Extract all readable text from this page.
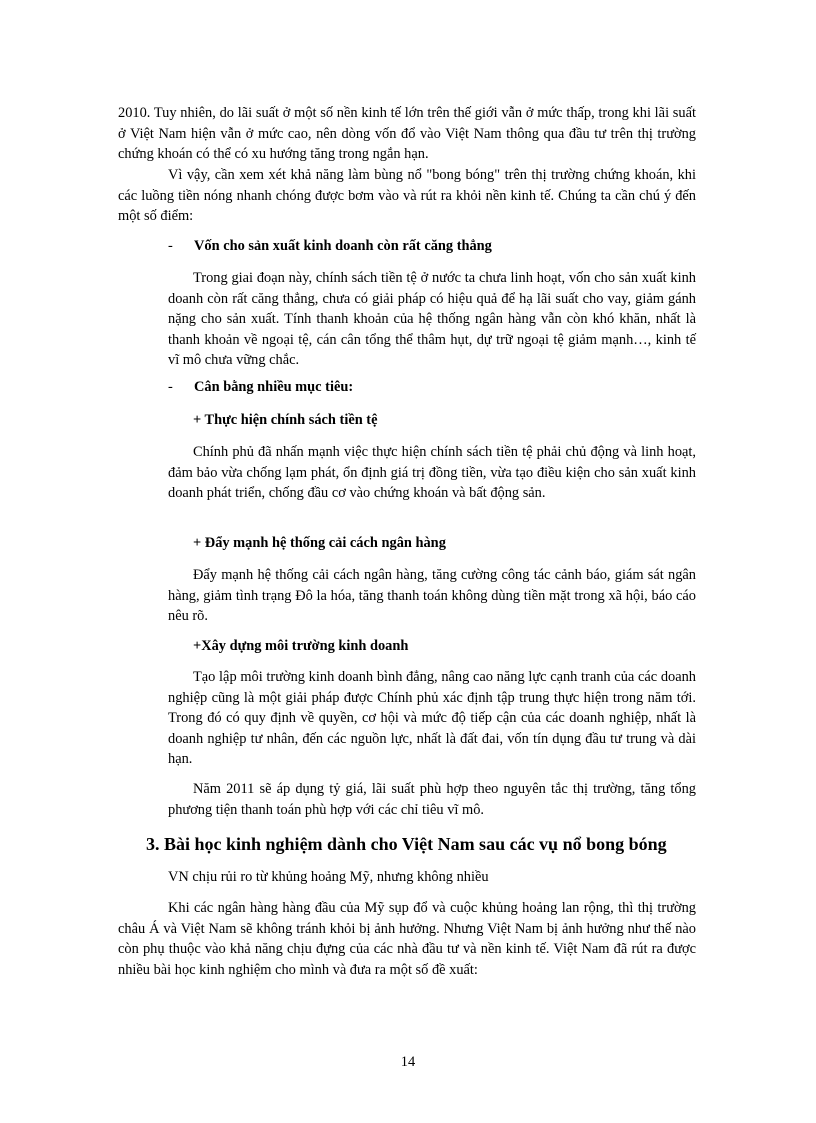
2010. Tuy nhiên, do lãi suất ở một số nền kinh tế lớn trên thế giới vẫn ở mức thấp, trong khi lãi suất ở Việt Nam hiện vẫn ở mức cao, nên dòng vốn đổ vào Việt Nam thông qua đầu tư trên thị trường chứng khoán có thể có xu hướng tăng trong ngắn hạn.

Vì vậy, cần xem xét khả năng làm bùng nổ "bong bóng" trên thị trường chứng khoán, khi các luồng tiền nóng nhanh chóng được bơm vào và rút ra khỏi nền kinh tế. Chúng ta cần chú ý đến một số điểm:

- Vốn cho sản xuất kinh doanh còn rất căng thẳng

Trong giai đoạn này, chính sách tiền tệ ở nước ta chưa linh hoạt, vốn cho sản xuất kinh doanh còn rất căng thẳng, chưa có giải pháp có hiệu quả để hạ lãi suất cho vay, giảm gánh nặng cho sản xuất. Tính thanh khoản của hệ thống ngân hàng vẫn còn khó khăn, nhất là thanh khoản về ngoại tệ, cán cân tổng thể thâm hụt, dự trữ ngoại tệ giảm mạnh…, kinh tế vĩ mô chưa vững chắc.

- Cân bằng nhiều mục tiêu:
+ Thực hiện chính sách tiền tệ

Chính phủ đã nhấn mạnh việc thực hiện chính sách tiền tệ phải chủ động và linh hoạt, đảm bảo vừa chống lạm phát, ổn định giá trị đồng tiền, vừa tạo điều kiện cho sản xuất kinh doanh phát triển, chống đầu cơ vào chứng khoán và bất động sản.

+ Đẩy mạnh hệ thống cải cách ngân hàng

Đẩy mạnh hệ thống cải cách ngân hàng, tăng cường công tác cảnh báo, giám sát ngân hàng, giảm tình trạng Đô la hóa, tăng thanh toán không dùng tiền mặt trong xã hội, báo cáo nêu rõ.

+Xây dựng môi trường kinh doanh

Tạo lập môi trường kinh doanh bình đẳng, nâng cao năng lực cạnh tranh của các doanh nghiệp cũng là một giải pháp được Chính phủ xác định tập trung thực hiện trong năm tới. Trong đó có quy định về quyền, cơ hội và mức độ tiếp cận của các doanh nghiệp, nhất là doanh nghiệp tư nhân, đến các nguồn lực, nhất là đất đai, vốn tín dụng đầu tư trung và dài hạn.

Năm 2011 sẽ áp dụng tỷ giá, lãi suất phù hợp theo nguyên tắc thị trường, tăng tổng phương tiện thanh toán phù hợp với các chỉ tiêu vĩ mô.

3. Bài học kinh nghiệm dành cho Việt Nam sau các vụ nổ bong bóng

VN chịu rủi ro từ khủng hoảng Mỹ, nhưng không nhiều

Khi các ngân hàng hàng đầu của Mỹ sụp đổ và cuộc khủng hoảng lan rộng, thì thị trường châu Á và Việt Nam sẽ không tránh khỏi bị ảnh hưởng. Nhưng Việt Nam bị ảnh hưởng như thế nào còn phụ thuộc vào khả năng chịu đựng của các nhà đầu tư và nền kinh tế. Việt Nam đã rút ra được nhiều bài học kinh nghiệm cho mình và đưa ra một số đề xuất:

14
